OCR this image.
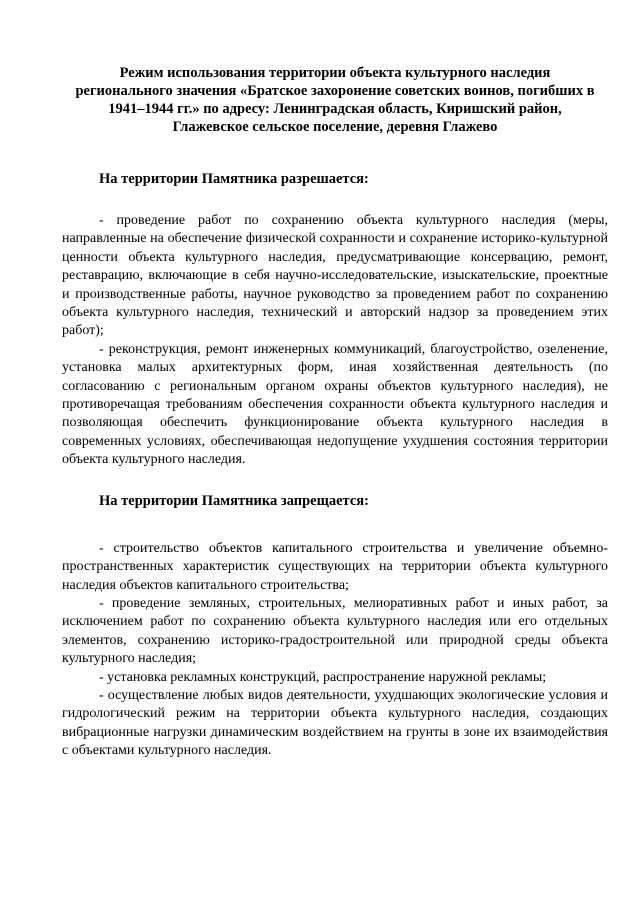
Режим использования территории объекта культурного наследия
регионального значения «Братское захоронение советских воинов, погибших в
1941–1944 гг.» по адресу: Ленинградская область, Киришский район,
Глажевское сельское поселение, деревня Глажево
На территории Памятника разрешается:

- проведение работ по сохранению объекта культурного наследия (меры, направленные на обеспечение физической сохранности и сохранение историко-культурной ценности объекта культурного наследия, предусматривающие консервацию, ремонт, реставрацию, включающие в себя научно-исследовательские, изыскательские, проектные и производственные работы, научное руководство за проведением работ по сохранению объекта культурного наследия, технический и авторский надзор за проведением этих работ);

- реконструкция, ремонт инженерных коммуникаций, благоустройство, озеленение, установка малых архитектурных форм, иная хозяйственная деятельность (по согласованию с региональным органом охраны объектов культурного наследия), не противоречащая требованиям обеспечения сохранности объекта культурного наследия и позволяющая обеспечить функционирование объекта культурного наследия в современных условиях, обеспечивающая недопущение ухудшения состояния территории объекта культурного наследия.

На территории Памятника запрещается:

- строительство объектов капитального строительства и увеличение объемно-пространственных характеристик существующих на территории объекта культурного наследия объектов капитального строительства;

- проведение земляных, строительных, мелиоративных работ и иных работ, за исключением работ по сохранению объекта культурного наследия или его отдельных элементов, сохранению историко-градостроительной или природной среды объекта культурного наследия;

- установка рекламных конструкций, распространение наружной рекламы;

- осуществление любых видов деятельности, ухудшающих экологические условия и гидрологический режим на территории объекта культурного наследия, создающих вибрационные нагрузки динамическим воздействием на грунты в зоне их взаимодействия с объектами культурного наследия.
